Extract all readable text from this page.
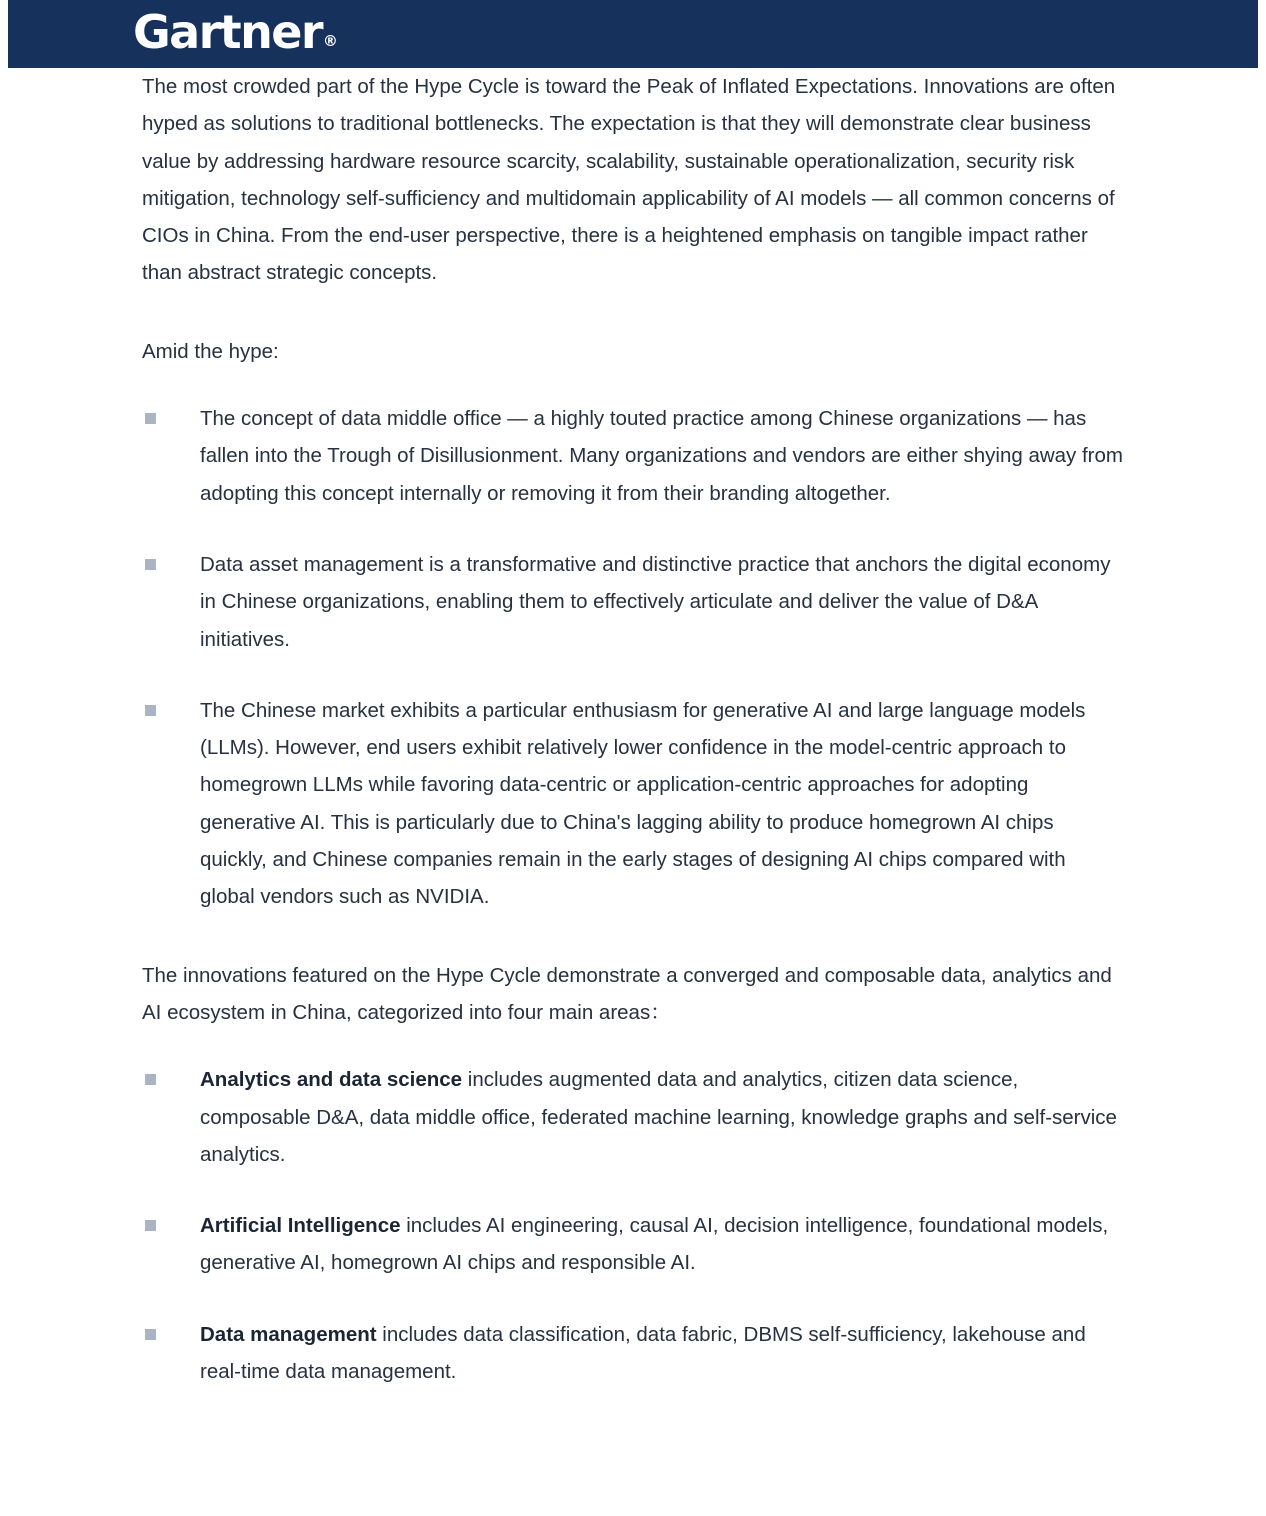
Gartner®

The most crowded part of the Hype Cycle is toward the Peak of Inflated Expectations. Innovations are often hyped as solutions to traditional bottlenecks. The expectation is that they will demonstrate clear business value by addressing hardware resource scarcity, scalability, sustainable operationalization, security risk mitigation, technology self-sufficiency and multidomain applicability of AI models — all common concerns of CIOs in China. From the end-user perspective, there is a heightened emphasis on tangible impact rather than abstract strategic concepts.

Amid the hype:

The concept of data middle office — a highly touted practice among Chinese organizations — has fallen into the Trough of Disillusionment. Many organizations and vendors are either shying away from adopting this concept internally or removing it from their branding altogether.
Data asset management is a transformative and distinctive practice that anchors the digital economy in Chinese organizations, enabling them to effectively articulate and deliver the value of D&A initiatives.
The Chinese market exhibits a particular enthusiasm for generative AI and large language models (LLMs). However, end users exhibit relatively lower confidence in the model-centric approach to homegrown LLMs while favoring data-centric or application-centric approaches for adopting generative AI. This is particularly due to China's lagging ability to produce homegrown AI chips quickly, and Chinese companies remain in the early stages of designing AI chips compared with global vendors such as NVIDIA.

The innovations featured on the Hype Cycle demonstrate a converged and composable data, analytics and AI ecosystem in China, categorized into four main areas：

Analytics and data science includes augmented data and analytics, citizen data science, composable D&A, data middle office, federated machine learning, knowledge graphs and self-service analytics.
Artificial Intelligence includes AI engineering, causal AI, decision intelligence, foundational models, generative AI, homegrown AI chips and responsible AI.
Data management includes data classification, data fabric, DBMS self-sufficiency, lakehouse and real-time data management.
